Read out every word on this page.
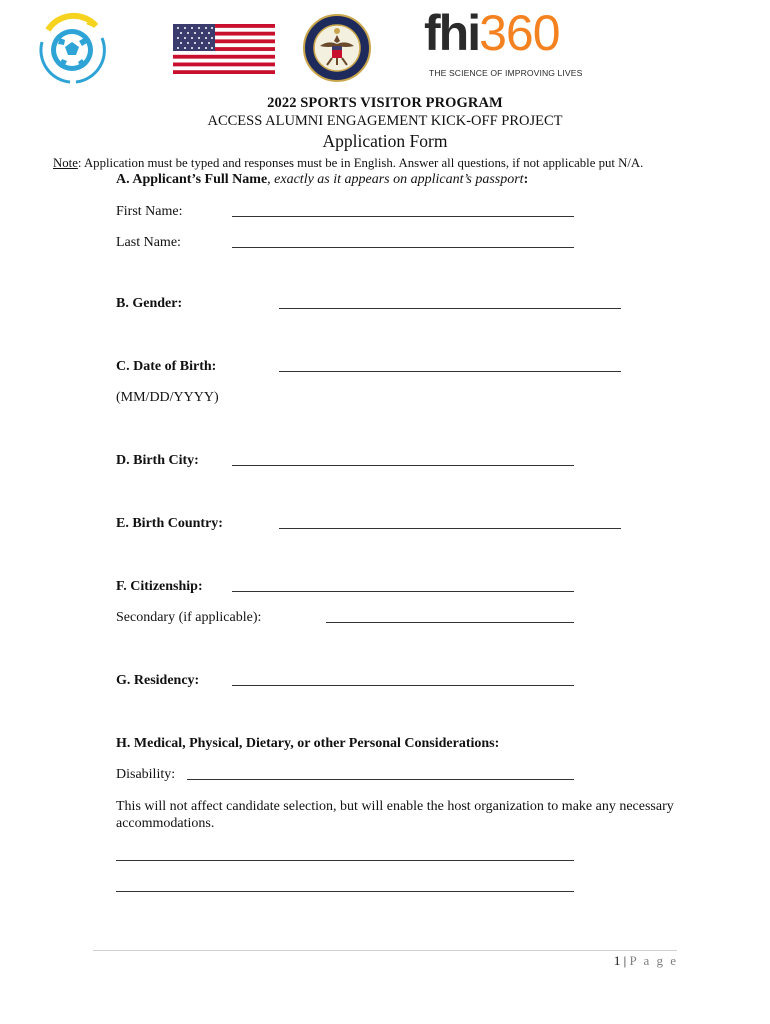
fhi360
THE SCIENCE OF IMPROVING LIVES
2022 SPORTS VISITOR PROGRAM
ACCESS ALUMNI ENGAGEMENT KICK-OFF PROJECT
Application Form
Note: Application must be typed and responses must be in English. Answer all questions, if not applicable put N/A.
A. Applicant’s Full Name, exactly as it appears on applicant’s passport:
First Name:
Last Name:
B. Gender:
C. Date of Birth:
(MM/DD/YYYY)
D. Birth City:
E. Birth Country:
F. Citizenship:
Secondary (if applicable):
G. Residency:
H. Medical, Physical, Dietary, or other Personal Considerations:
Disability:
This will not affect candidate selection, but will enable the host organization to make any necessary accommodations.
1 | P a g e
